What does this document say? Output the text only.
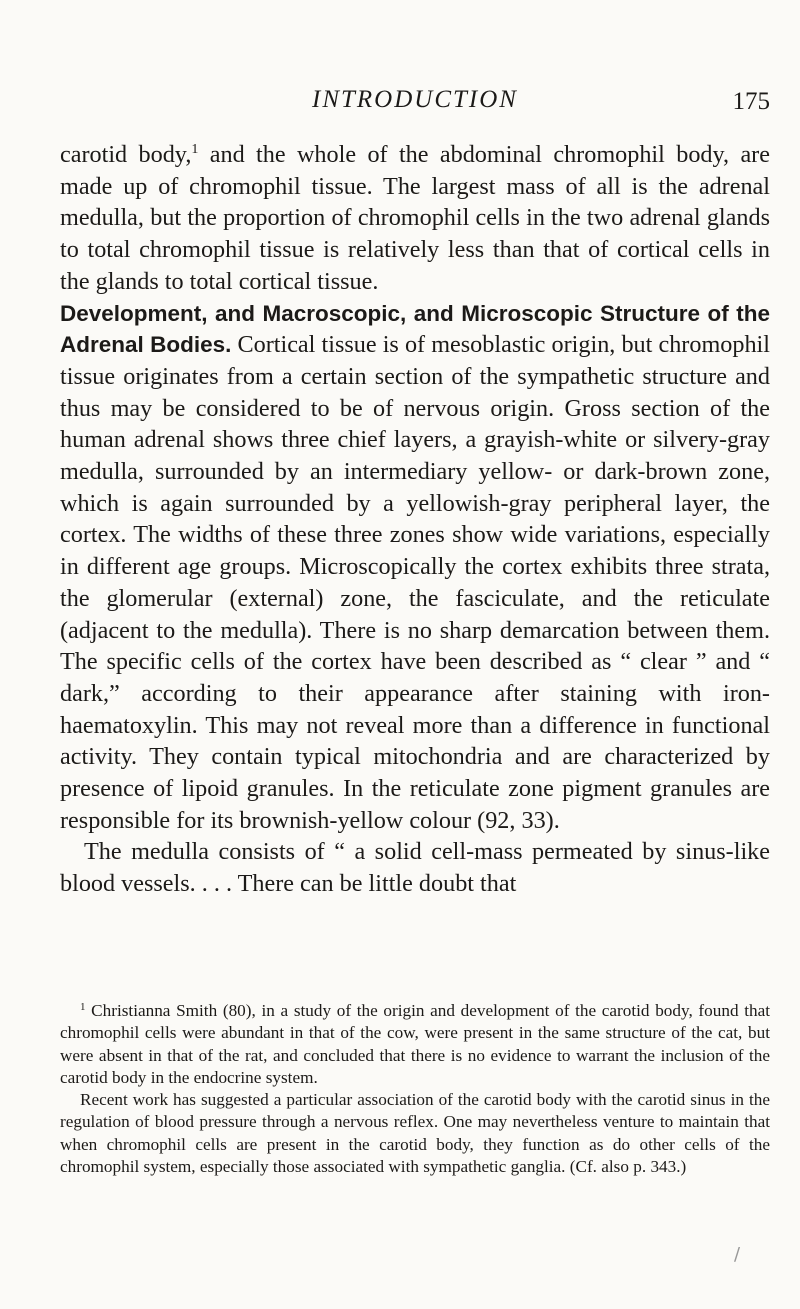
INTRODUCTION	175

carotid body,$^1$ and the whole of the abdominal chromophil body, are made up of chromophil tissue. The largest mass of all is the adrenal medulla, but the proportion of chromophil cells in the two adrenal glands to total chromophil tissue is relatively less than that of cortical cells in the glands to total cortical tissue.

Development, and Macroscopic, and Microscopic Structure of the Adrenal Bodies. Cortical tissue is of mesoblastic origin, but chromophil tissue originates from a certain section of the sympathetic structure and thus may be considered to be of nervous origin. Gross section of the human adrenal shows three chief layers, a grayish-white or silvery-gray medulla, surrounded by an intermediary yellow- or dark-brown zone, which is again surrounded by a yellowish-gray peripheral layer, the cortex. The widths of these three zones show wide variations, especially in different age groups. Microscopically the cortex exhibits three strata, the glomerular (external) zone, the fasciculate, and the reticulate (adjacent to the medulla). There is no sharp demarcation between them. The specific cells of the cortex have been described as “ clear ” and “ dark,” according to their appearance after staining with iron-haematoxylin. This may not reveal more than a difference in functional activity. They contain typical mitochondria and are characterized by presence of lipoid granules. In the reticulate zone pigment granules are responsible for its brownish-yellow colour (92, 33).

The medulla consists of “ a solid cell-mass permeated by sinus-like blood vessels. . . . There can be little doubt that

$^1$ Christianna Smith (80), in a study of the origin and development of the carotid body, found that chromophil cells were abundant in that of the cow, were present in the same structure of the cat, but were absent in that of the rat, and concluded that there is no evidence to warrant the inclusion of the carotid body in the endocrine system.

Recent work has suggested a particular association of the carotid body with the carotid sinus in the regulation of blood pressure through a nervous reflex. One may nevertheless venture to maintain that when chromophil cells are present in the carotid body, they function as do other cells of the chromophil system, especially those associated with sympathetic ganglia. (Cf. also p. 343.)

/
